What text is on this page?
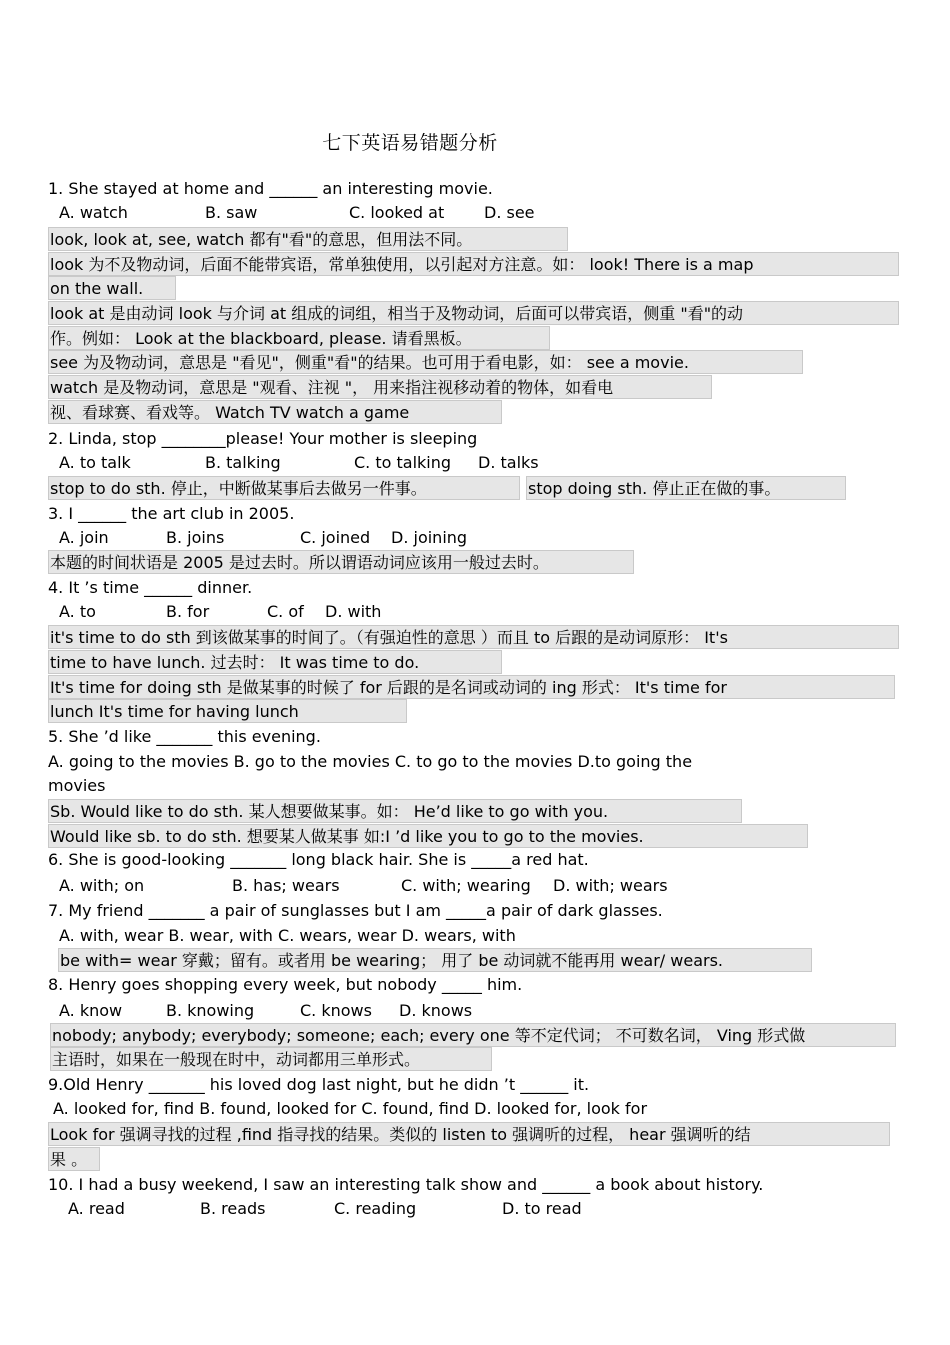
七下英语易错题分析
1. She stayed at home and ______ an interesting movie.
A. watch	B. saw	C. looked at D. see
look, look at, see, watch 都有"看"的意思，但用法不同。
look 为不及物动词，后面不能带宾语，常单独使用，以引起对方注意。如： look! There is a map
on the wall.
look at 是由动词 look 与介词 at 组成的词组，相当于及物动词，后面可以带宾语，侧重 "看"的动
作。例如： Look at the blackboard, please. 请看黑板。
see 为及物动词，意思是 "看见"，侧重"看"的结果。也可用于看电影，如： see a movie.
watch 是及物动词，意思是 "观看、注视 "， 用来指注视移动着的物体，如看电
视、看球赛、看戏等。 Watch TV watch a game
2. Linda, stop ________please! Your mother is sleeping
A. to talk	B. talking	C. to talking D. talks
stop to do sth. 停止，中断做某事后去做另一件事。	stop doing sth. 停止正在做的事。
3. I ______ the art club in 2005.
A. join	B. joins	C. joined D. joining
本题的时间状语是 2005 是过去时。所以谓语动词应该用一般过去时。
4. It ’s time ______ dinner.
A. to	B. for	C. of D. with
it's time to do sth 到该做某事的时间了。（有强迫性的意思 ）而且 to 后跟的是动词原形： It's
time to have lunch. 过去时： It was time to do.
It's time for doing sth 是做某事的时候了 for 后跟的是名词或动词的 ing 形式： It's time for
lunch It's time for having lunch
5. She ’d like _______ this evening.
A. going to the movies B. go to the movies C. to go to the movies D.to going the
movies
Sb. Would like to do sth. 某人想要做某事。如： He’d like to go with you.
Would like sb. to do sth. 想要某人做某事 如:I ’d like you to go to the movies.
6. She is good-looking _______ long black hair. She is _____a red hat.
A. with; on	B. has; wears	C. with; wearing D. with; wears
7. My friend _______ a pair of sunglasses but I am _____a pair of dark glasses.
A. with, wear B. wear, with C. wears, wear D. wears, with
be with= wear 穿戴；留有。或者用 be wearing； 用了 be 动词就不能再用 wear/ wears.
8. Henry goes shopping every week, but nobody _____ him.
A. know	B. knowing	C. knows D. knows
nobody; anybody; everybody; someone; each; every one 等不定代词； 不可数名词， Ving 形式做
主语时，如果在一般现在时中，动词都用三单形式。
9.Old Henry _______ his loved dog last night, but he didn ’t ______ it.
A. looked for, find B. found, looked for C. found, find D. looked for, look for
Look for 强调寻找的过程 ,find 指寻找的结果。类似的 listen to 强调听的过程， hear 强调听的结
果 。
10. I had a busy weekend, I saw an interesting talk show and ______ a book about history.
A. read	B. reads	C. reading	D. to read
